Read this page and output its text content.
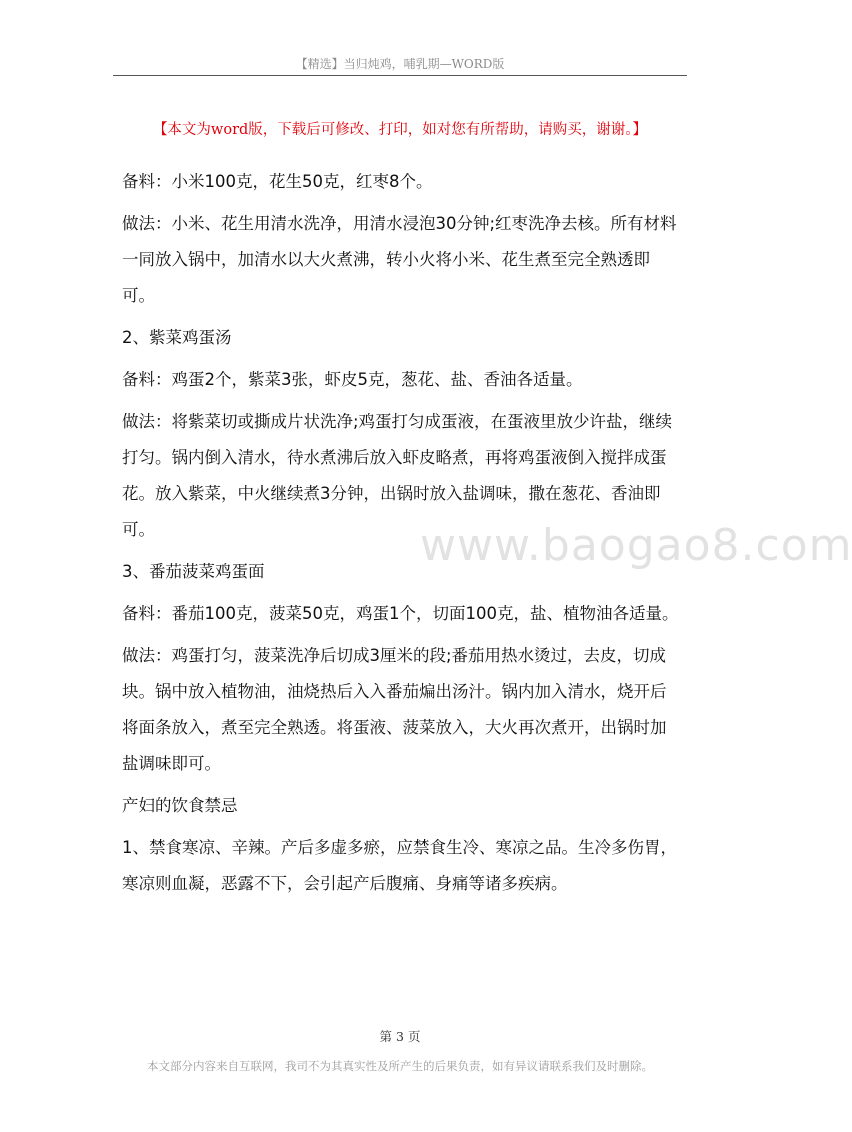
【精选】当归炖鸡，哺乳期—WORD版
【本文为word版，下载后可修改、打印，如对您有所帮助，请购买，谢谢。】

备料：小米100克，花生50克，红枣8个。

做法：小米、花生用清水洗净，用清水浸泡30分钟;红枣洗净去核。所有材料一同放入锅中，加清水以大火煮沸，转小火将小米、花生煮至完全熟透即可。

2、紫菜鸡蛋汤

备料：鸡蛋2个，紫菜3张，虾皮5克，葱花、盐、香油各适量。

做法：将紫菜切或撕成片状洗净;鸡蛋打匀成蛋液，在蛋液里放少许盐，继续打匀。锅内倒入清水，待水煮沸后放入虾皮略煮，再将鸡蛋液倒入搅拌成蛋花。放入紫菜，中火继续煮3分钟，出锅时放入盐调味，撒在葱花、香油即可。

3、番茄菠菜鸡蛋面

备料：番茄100克，菠菜50克，鸡蛋1个，切面100克，盐、植物油各适量。

做法：鸡蛋打匀，菠菜洗净后切成3厘米的段;番茄用热水烫过，去皮，切成块。锅中放入植物油，油烧热后入入番茄煸出汤汁。锅内加入清水，烧开后将面条放入，煮至完全熟透。将蛋液、菠菜放入，大火再次煮开，出锅时加盐调味即可。

产妇的饮食禁忌

1、禁食寒凉、辛辣。产后多虚多瘀，应禁食生冷、寒凉之品。生冷多伤胃，寒凉则血凝，恶露不下，会引起产后腹痛、身痛等诸多疾病。

www.baogao8.com
第 3 页
本文部分内容来自互联网，我司不为其真实性及所产生的后果负责，如有异议请联系我们及时删除。
